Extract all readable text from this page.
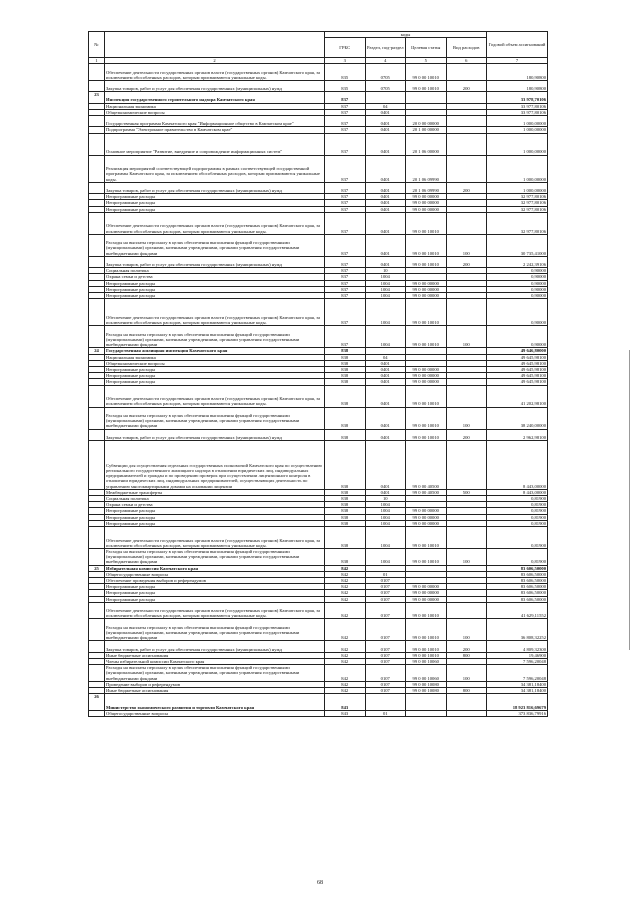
№		коды				Годовой объем ассигнований
		ГРБС	Раздел, под-раздел	Целевая статья	Вид расходов	
1	2	3	4	5	6	7
	Обеспечение деятельности государственных органов власти (государственных органов) Камчатского края, за исключением обособленных расходов, которым присваиваются уникальные коды.	835	0705	99 0 00 10010		180,90800
	Закупка товаров, работ и услуг для обеспечения государственных (муниципальных) нужд	835	0705	99 0 00 10010	200	180,90800
23	Инспекция государственного строительного надзора Камчатского края	837				33 978,70106
	Национальная экономика	837	04			33 977,80106
	Общеэкономические вопросы	837	0401			33 977,80106
	Государственная программа Камчатского края "Информационное общество в Камчатском крае"	837	0401	20 0 00 00000		1 000,00000
	Подпрограмма "Электронное правительство в Камчатском крае"	837	0401	20 1 00 00000		1 000,00000
	Основное мероприятие "Развитие, внедрение и сопровождение информационных систем"	837	0401	20 1 06 00000		1 000,00000
	Реализация мероприятий соответствующей подпрограммы в рамках соответствующей государственной программы Камчатского края, за исключением обособленных расходов, которым присваиваются уникальные коды.	837	0401	20 1 06 09990		1 000,00000
	Закупка товаров, работ и услуг для обеспечения государственных (муниципальных) нужд	837	0401	20 1 06 09990	200	1 000,00000
	Непрограммные расходы	837	0401	99 0 00 00000		32 977,80106
	Непрограммные расходы	837	0401	99 0 00 00000		32 977,80106
	Непрограммные расходы	837	0401	99 0 00 00000		32 977,80106
	Обеспечение деятельности государственных органов власти (государственных органов) Камчатского края, за исключением обособленных расходов, которым присваиваются уникальные коды.	837	0401	99 0 00 10010		32 977,80106
	Расходы на выплаты персоналу в целях обеспечения выполнения функций государственными (муниципальными) органами, казенными учреждениями, органами управления государственными внебюджетными фондами	837	0401	99 0 00 10010	100	30 735,41000
	Закупка товаров, работ и услуг для обеспечения государственных (муниципальных) нужд	837	0401	99 0 00 10010	200	2 242,39106
	Социальная политика	837	10			0,90000
	Охрана семьи и детства	837	1004			0,90000
	Непрограммные расходы	837	1004	99 0 00 00000		0,90000
	Непрограммные расходы	837	1004	99 0 00 00000		0,90000
	Непрограммные расходы	837	1004	99 0 00 00000		0,90000
	Обеспечение деятельности государственных органов власти (государственных органов) Камчатского края, за исключением обособленных расходов, которым присваиваются уникальные коды.	837	1004	99 0 00 10010		0,90000
	Расходы на выплаты персоналу в целях обеспечения выполнения функций государственными (муниципальными) органами, казенными учреждениями, органами управления государственными внебюджетными фондами	837	1004	99 0 00 10010	100	0,90000
24	Государственная жилищная инспекция Камчатского края	838				49 646,80000
	Национальная экономика	838	04			49 645,98100
	Общеэкономические вопросы	838	0401			49 645,98100
	Непрограммные расходы	838	0401	99 0 00 00000		49 645,98100
	Непрограммные расходы	838	0401	99 0 00 00000		49 645,98100
	Непрограммные расходы	838	0401	99 0 00 00000		49 645,98100
	Обеспечение деятельности государственных органов власти (государственных органов) Камчатского края, за исключением обособленных расходов, которым присваиваются уникальные коды.	838	0401	99 0 00 10010		41 202,98100
	Расходы на выплаты персоналу в целях обеспечения выполнения функций государственными (муниципальными) органами, казенными учреждениями, органами управления государственными внебюджетными фондами	838	0401	99 0 00 10010	100	38 240,00000
	Закупка товаров, работ и услуг для обеспечения государственных (муниципальных) нужд	838	0401	99 0 00 10010	200	2 962,98100
	Субвенции для осуществления отдельных государственных полномочий Камчатского края по осуществлению регионального государственного жилищного надзора в отношении юридических лиц, индивидуальных предпринимателей и граждан и по проведению проверок при осуществлении лицензионного контроля в отношении юридических лиц, индивидуальных предпринимателей, осуществляющих деятельность по управлению многоквартирными домами на основании лицензии	838	0401	99 0 00 40500		8 443,00000
	Межбюджетные трансферты	838	0401	99 0 00 40500	500	8 443,00000
	Социальная политика	838	10			0,81900
	Охрана семьи и детства	838	1004			0,81900
	Непрограммные расходы	838	1004	99 0 00 00000		0,81900
	Непрограммные расходы	838	1004	99 0 00 00000		0,81900
	Непрограммные расходы	838	1004	99 0 00 00000		0,81900
	Обеспечение деятельности государственных органов власти (государственных органов) Камчатского края, за исключением обособленных расходов, которым присваиваются уникальные коды.	838	1004	99 0 00 10010		0,81900
	Расходы на выплаты персоналу в целях обеспечения выполнения функций государственными (муниципальными) органами, казенными учреждениями, органами управления государственными внебюджетными фондами	838	1004	99 0 00 10010	100	0,81900
25	Избирательная комиссия Камчатского края	842				83 606,50000
	Общегосударственные вопросы	842	01			83 606,50000
	Обеспечение проведения выборов и референдумов	842	0107			83 606,50000
	Непрограммные расходы	842	0107	99 0 00 00000		83 606,50000
	Непрограммные расходы	842	0107	99 0 00 00000		83 606,50000
	Непрограммные расходы	842	0107	99 0 00 00000		83 606,50000
	Обеспечение деятельности государственных органов власти (государственных органов) Камчатского края, за исключением обособленных расходов, которым присваиваются уникальные коды.	842	0107	99 0 00 10010		41 629,11552
	Расходы на выплаты персоналу в целях обеспечения выполнения функций государственными (муниципальными) органами, казенными учреждениями, органами управления государственными внебюджетными фондами	842	0107	99 0 00 10010	100	36 808,32252
	Закупка товаров, работ и услуг для обеспечения государственных (муниципальных) нужд	842	0107	99 0 00 10010	200	4 809,32300
	Иные бюджетные ассигнования	842	0107	99 0 00 10010	800	19,46900
	Члены избирательной комиссии Камчатского края	842	0107	99 0 00 10060		7 596,20048
	Расходы на выплаты персоналу в целях обеспечения выполнения функций государственными (муниципальными) органами, казенными учреждениями, органами управления государственными внебюджетными фондами	842	0107	99 0 00 10060	100	7 596,20048
	Проведение выборов и референдумов	842	0107	99 0 00 10080		34 381,18400
	Иные бюджетные ассигнования	842	0107	99 0 00 10080	800	34 381,18400
26	Министерство экономического развития и торговли Камчатского края	843				18 923 816,69679
	Общегосударственные вопросы	843	01			373 836,79916
68
